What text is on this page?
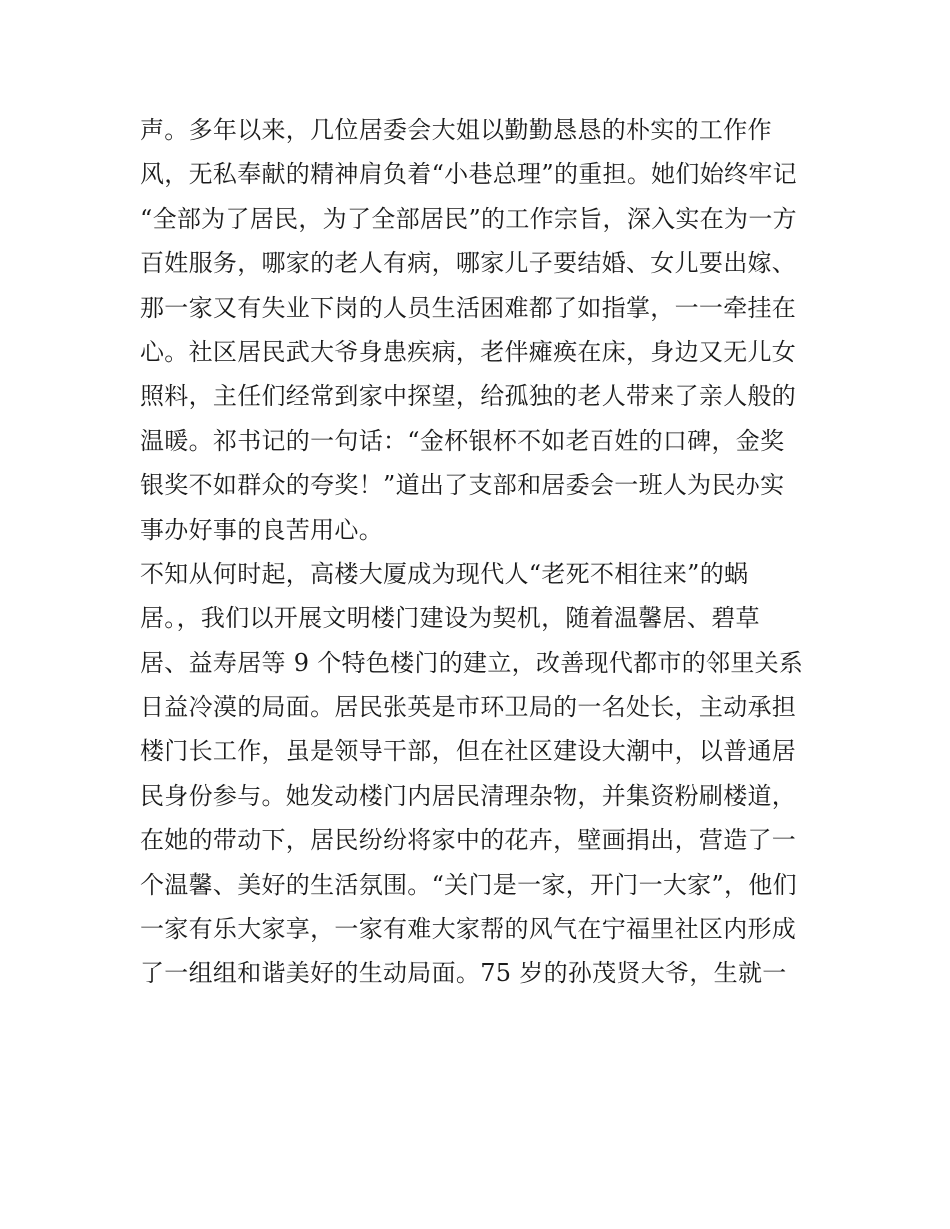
声。多年以来，几位居委会大姐以勤勤恳恳的朴实的工作作
风，无私奉献的精神肩负着“小巷总理”的重担。她们始终牢记
“全部为了居民，为了全部居民”的工作宗旨，深入实在为一方
百姓服务，哪家的老人有病，哪家儿子要结婚、女儿要出嫁、
那一家又有失业下岗的人员生活困难都了如指掌，一一牵挂在
心。社区居民武大爷身患疾病，老伴瘫痪在床，身边又无儿女
照料，主任们经常到家中探望，给孤独的老人带来了亲人般的
温暖。祁书记的一句话：“金杯银杯不如老百姓的口碑，金奖
银奖不如群众的夸奖！”道出了支部和居委会一班人为民办实
事办好事的良苦用心。
不知从何时起，高楼大厦成为现代人“老死不相往来”的蜗
居。，我们以开展文明楼门建设为契机，随着温馨居、碧草
居、益寿居等 9 个特色楼门的建立，改善现代都市的邻里关系
日益冷漠的局面。居民张英是市环卫局的一名处长，主动承担
楼门长工作，虽是领导干部，但在社区建设大潮中，以普通居
民身份参与。她发动楼门内居民清理杂物，并集资粉刷楼道，
在她的带动下，居民纷纷将家中的花卉，壁画捐出，营造了一
个温馨、美好的生活氛围。“关门是一家，开门一大家”，他们
一家有乐大家享，一家有难大家帮的风气在宁福里社区内形成
了一组组和谐美好的生动局面。75 岁的孙茂贤大爷，生就一
